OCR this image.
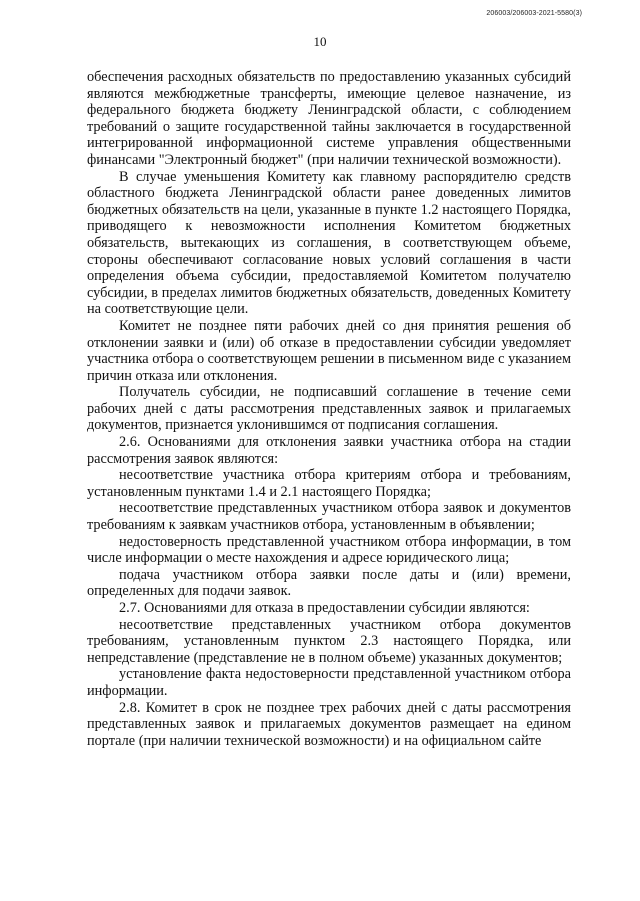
206003/206003-2021-5580(3)
10

обеспечения расходных обязательств по предоставлению указанных субсидий являются межбюджетные трансферты, имеющие целевое назначение, из федерального бюджета бюджету Ленинградской области, с соблюдением требований о защите государственной тайны заключается в государственной интегрированной информационной системе управления общественными финансами "Электронный бюджет" (при наличии технической возможности).

В случае уменьшения Комитету как главному распорядителю средств областного бюджета Ленинградской области ранее доведенных лимитов бюджетных обязательств на цели, указанные в пункте 1.2 настоящего Порядка, приводящего к невозможности исполнения Комитетом бюджетных обязательств, вытекающих из соглашения, в соответствующем объеме, стороны обеспечивают согласование новых условий соглашения в части определения объема субсидии, предоставляемой Комитетом получателю субсидии, в пределах лимитов бюджетных обязательств, доведенных Комитету на соответствующие цели.

Комитет не позднее пяти рабочих дней со дня принятия решения об отклонении заявки и (или) об отказе в предоставлении субсидии уведомляет участника отбора о соответствующем решении в письменном виде с указанием причин отказа или отклонения.

Получатель субсидии, не подписавший соглашение в течение семи рабочих дней с даты рассмотрения представленных заявок и прилагаемых документов, признается уклонившимся от подписания соглашения.

2.6. Основаниями для отклонения заявки участника отбора на стадии рассмотрения заявок являются:

несоответствие участника отбора критериям отбора и требованиям, установленным пунктами 1.4 и 2.1 настоящего Порядка;

несоответствие представленных участником отбора заявок и документов требованиям к заявкам участников отбора, установленным в объявлении;

недостоверность представленной участником отбора информации, в том числе информации о месте нахождения и адресе юридического лица;

подача участником отбора заявки после даты и (или) времени, определенных для подачи заявок.

2.7. Основаниями для отказа в предоставлении субсидии являются:

несоответствие представленных участником отбора документов требованиям, установленным пунктом 2.3 настоящего Порядка, или непредставление (представление не в полном объеме) указанных документов;

установление факта недостоверности представленной участником отбора информации.

2.8. Комитет в срок не позднее трех рабочих дней с даты рассмотрения представленных заявок и прилагаемых документов размещает на едином портале (при наличии технической возможности) и на официальном сайте
